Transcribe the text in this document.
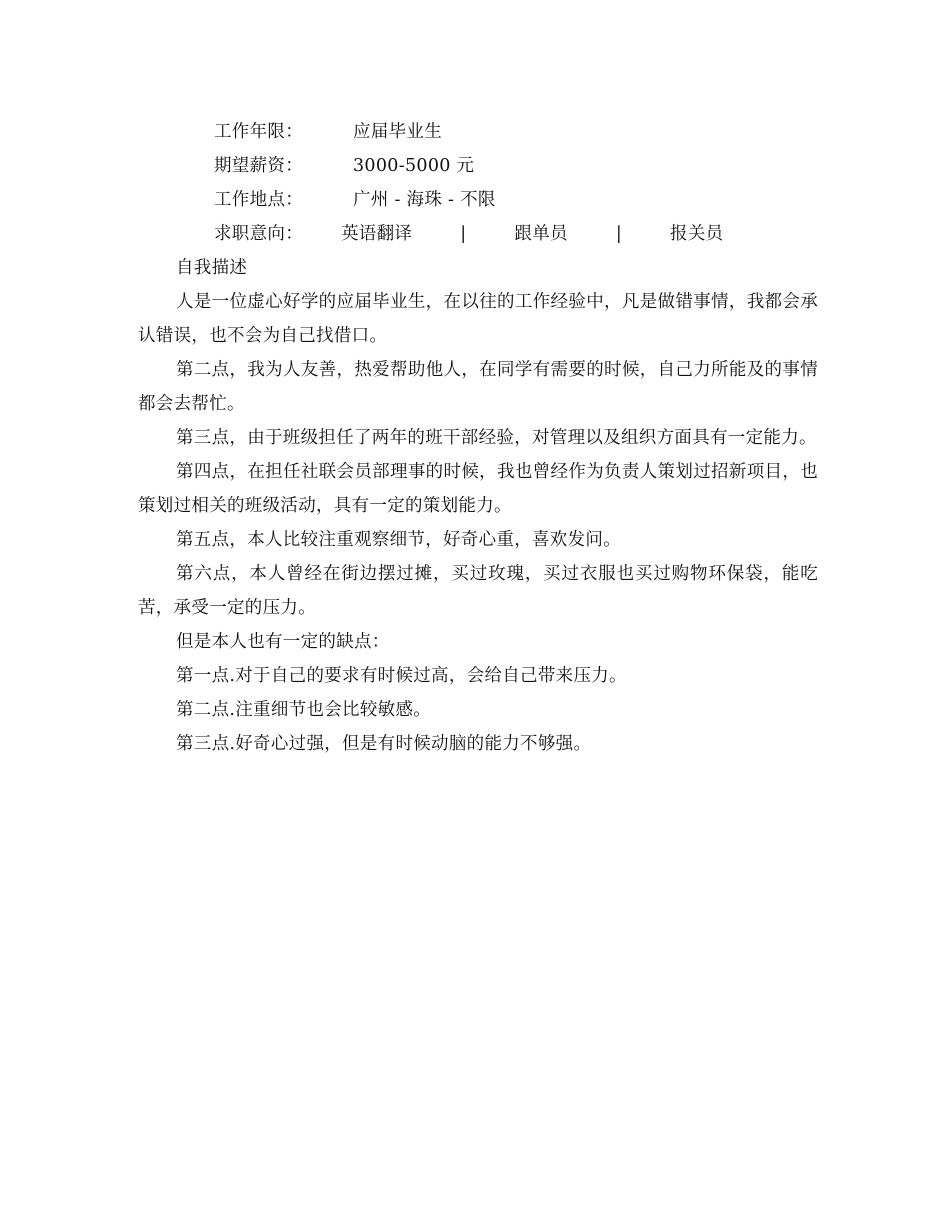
工作年限：	应届毕业生

期望薪资：	3000-5000 元

工作地点：	广州 - 海珠 - 不限

求职意向： 英语翻译	|	跟单员	|	报关员

自我描述

人是一位虚心好学的应届毕业生，在以往的工作经验中，凡是做错事情，我都会承认错误，也不会为自己找借口。

第二点，我为人友善，热爱帮助他人，在同学有需要的时候，自己力所能及的事情都会去帮忙。

第三点，由于班级担任了两年的班干部经验，对管理以及组织方面具有一定能力。

第四点，在担任社联会员部理事的时候，我也曾经作为负责人策划过招新项目，也策划过相关的班级活动，具有一定的策划能力。

第五点，本人比较注重观察细节，好奇心重，喜欢发问。

第六点，本人曾经在街边摆过摊，买过玫瑰，买过衣服也买过购物环保袋，能吃苦，承受一定的压力。

但是本人也有一定的缺点：

第一点.对于自己的要求有时候过高，会给自己带来压力。

第二点.注重细节也会比较敏感。

第三点.好奇心过强，但是有时候动脑的能力不够强。
